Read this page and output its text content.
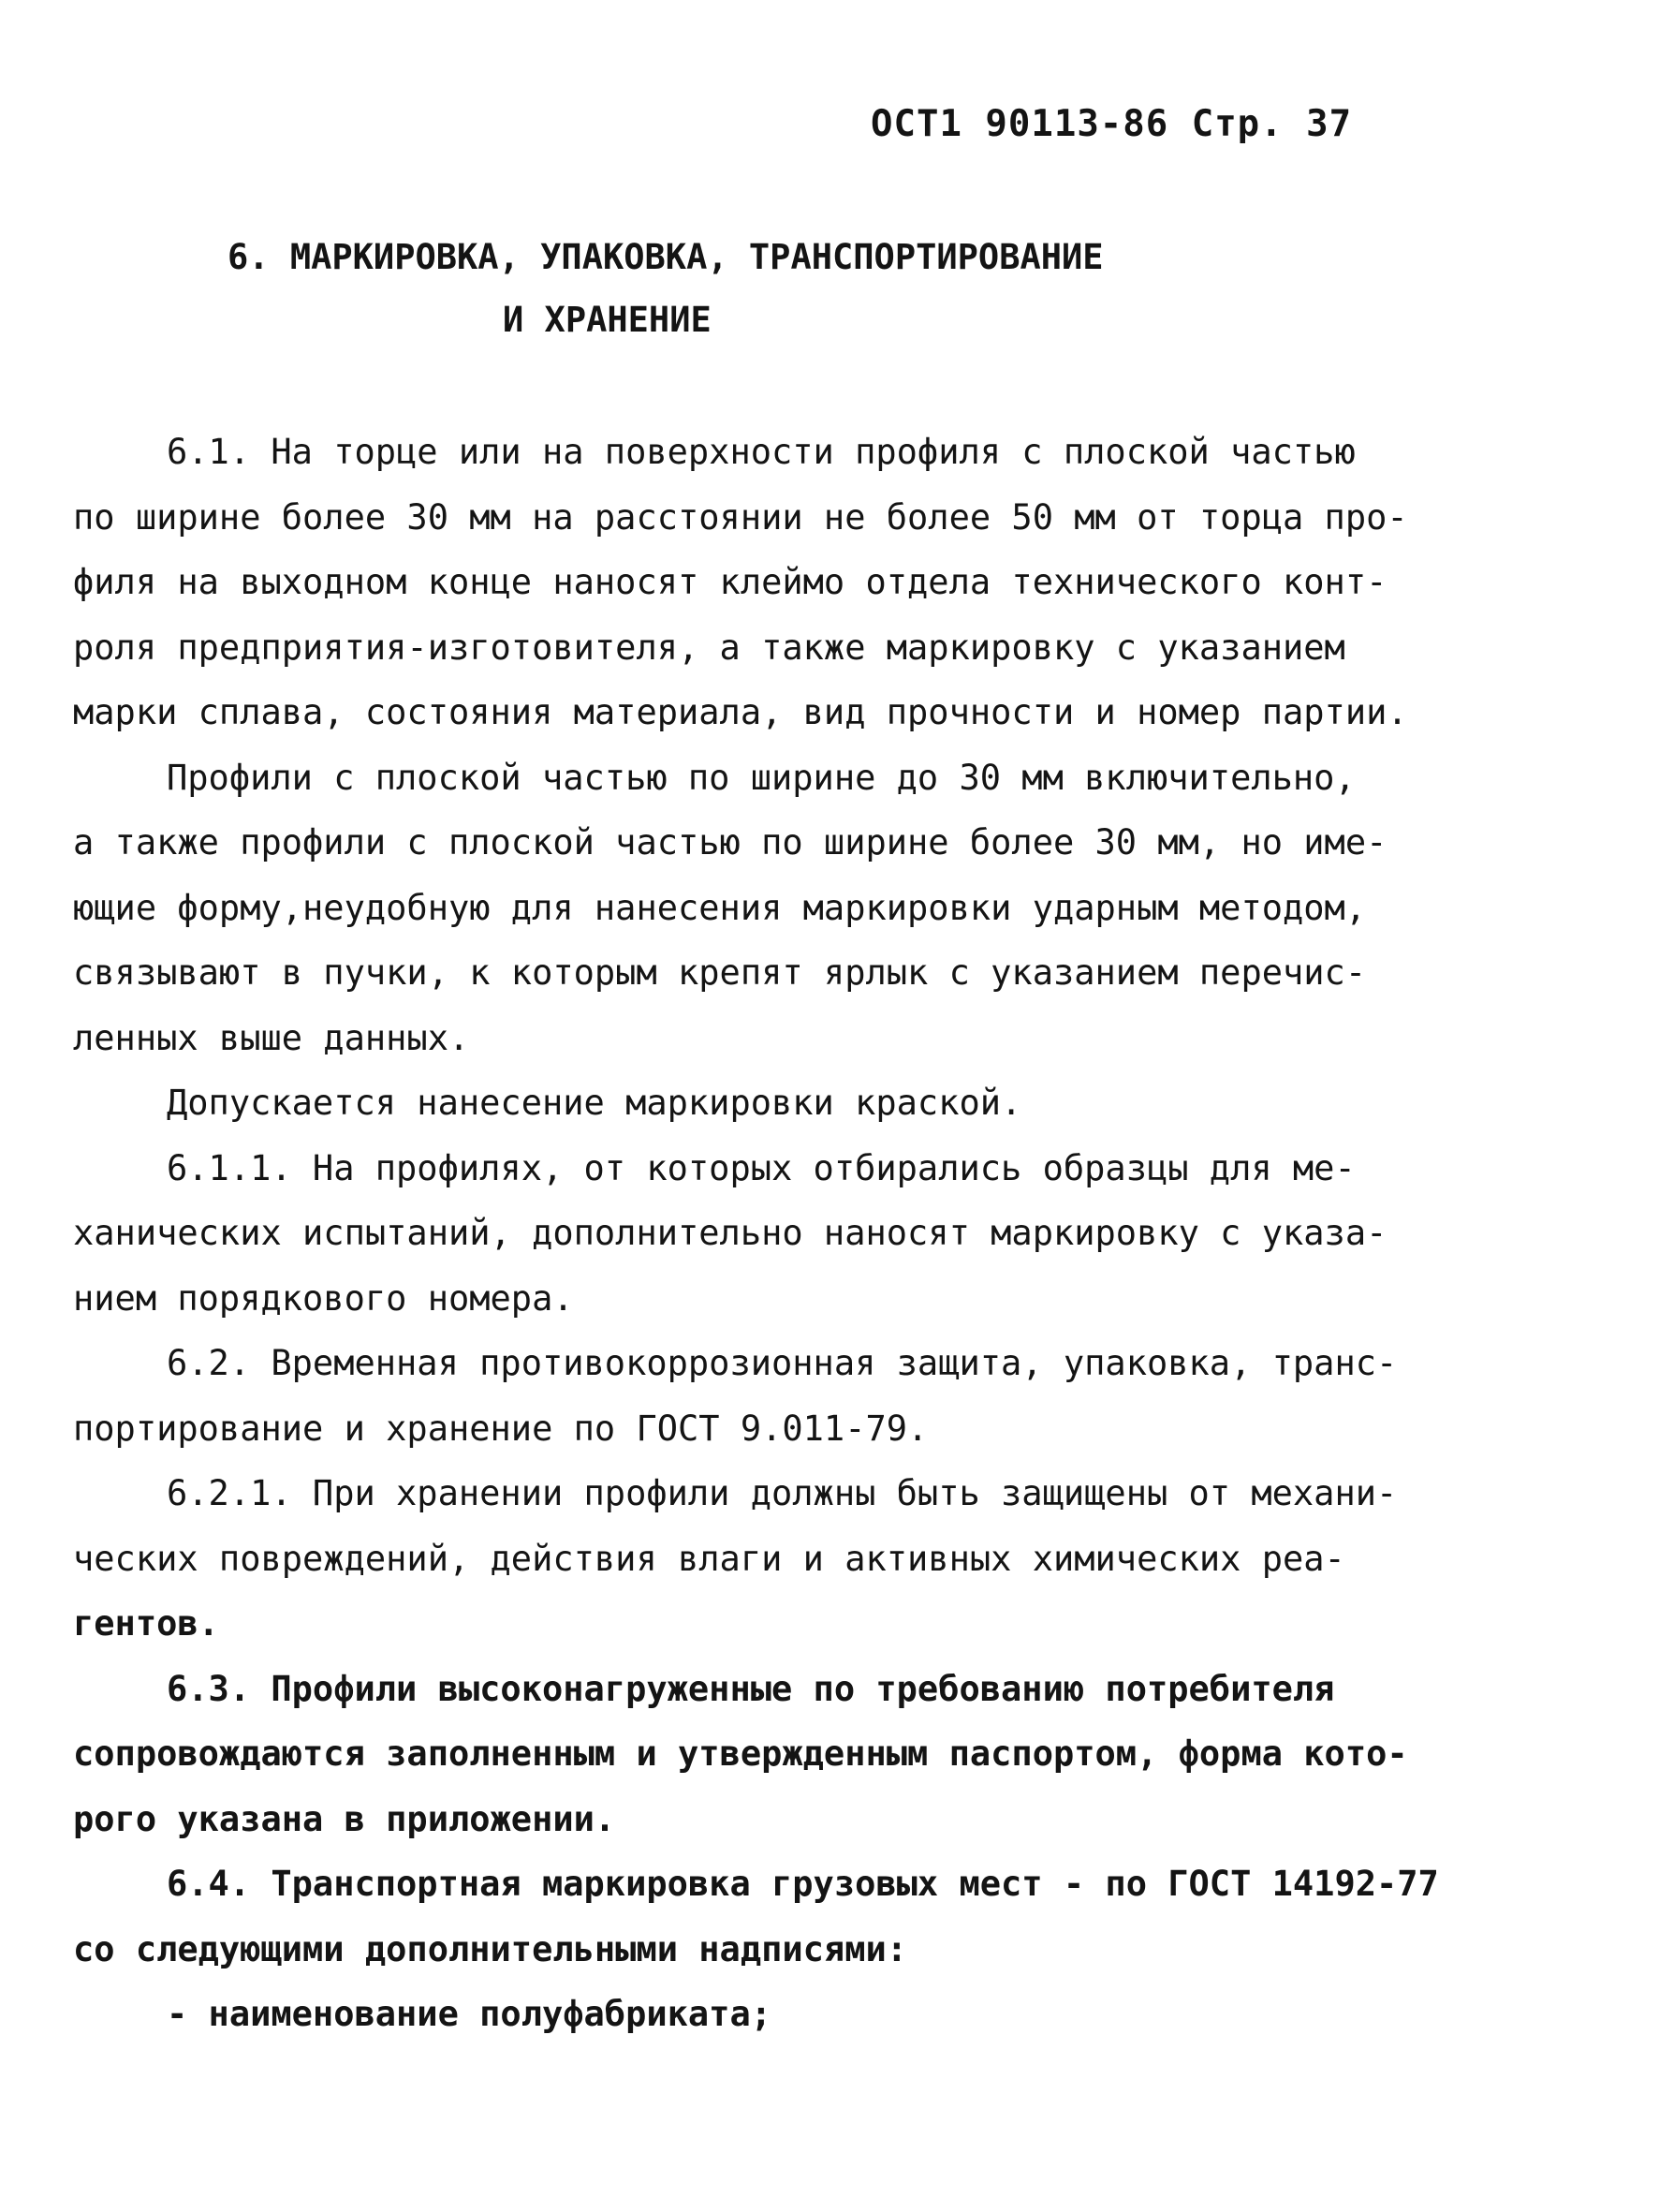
ОСТ1 90113-86 Стр. 37
6. МАРКИРОВКА, УПАКОВКА, ТРАНСПОРТИРОВАНИЕ
И ХРАНЕНИЕ
6.1. На торце или на поверхности профиля с плоской частью
по ширине более 30 мм на расстоянии не более 50 мм от торца про-
филя на выходном конце наносят клеймо отдела технического конт-
роля предприятия-изготовителя, а также маркировку с указанием
марки сплава, состояния материала, вид прочности и номер партии.
Профили с плоской частью по ширине до 30 мм включительно,
а также профили с плоской частью по ширине более 30 мм, но име-
ющие форму,неудобную для нанесения маркировки ударным методом,
связывают в пучки, к которым крепят ярлык с указанием перечис-
ленных выше данных.
Допускается нанесение маркировки краской.
6.1.1. На профилях, от которых отбирались образцы для ме-
ханических испытаний, дополнительно наносят маркировку с указа-
нием порядкового номера.
6.2. Временная противокоррозионная защита, упаковка, транс-
портирование и хранение по ГОСТ 9.011-79.
6.2.1. При хранении профили должны быть защищены от механи-
ческих повреждений, действия влаги и активных химических реа-
гентов.
6.3. Профили высоконагруженные по требованию потребителя
сопровождаются заполненным и утвержденным паспортом, форма кото-
рого указана в приложении.
6.4. Транспортная маркировка грузовых мест - по ГОСТ 14192-77
со следующими дополнительными надписями:
- наименование полуфабриката;
